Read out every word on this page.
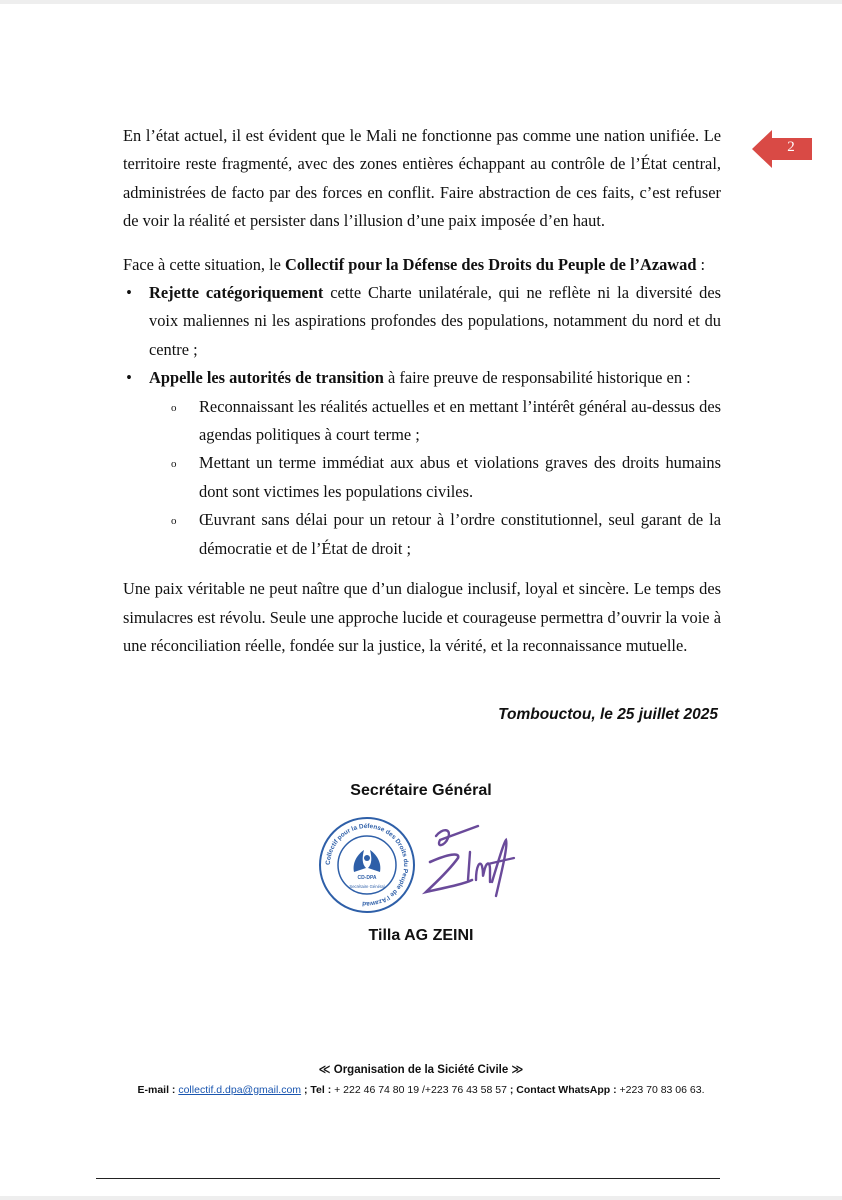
2

En l’état actuel, il est évident que le Mali ne fonctionne pas comme une nation unifiée. Le territoire reste fragmenté, avec des zones entières échappant au contrôle de l’État central, administrées de facto par des forces en conflit. Faire abstraction de ces faits, c’est refuser de voir la réalité et persister dans l’illusion d’une paix imposée d’en haut.

Face à cette situation, le Collectif pour la Défense des Droits du Peuple de l’Azawad :

• Rejette catégoriquement cette Charte unilatérale, qui ne reflète ni la diversité des voix maliennes ni les aspirations profondes des populations, notamment du nord et du centre ;
• Appelle les autorités de transition à faire preuve de responsabilité historique en :
o Reconnaissant les réalités actuelles et en mettant l’intérêt général au-dessus des agendas politiques à court terme ;
o Mettant un terme immédiat aux abus et violations graves des droits humains dont sont victimes les populations civiles.
o Œuvrant sans délai pour un retour à l’ordre constitutionnel, seul garant de la démocratie et de l’État de droit ;

Une paix véritable ne peut naître que d’un dialogue inclusif, loyal et sincère. Le temps des simulacres est révolu. Seule une approche lucide et courageuse permettra d’ouvrir la voie à une réconciliation réelle, fondée sur la justice, la vérité, et la reconnaissance mutuelle.

Tombouctou, le 25 juillet 2025
Secrétaire Général
Collectif pour la Défense des Droits du Peuple de l'Azawad
CD-DPA
Secrétaire Général
Tilla AG ZEINI
≪ Organisation de la Siciété Civile ≫
E-mail : collectif.d.dpa@gmail.com ; Tel : + 222 46 74 80 19 /+223 76 43 58 57 ; Contact WhatsApp : +223 70 83 06 63.
